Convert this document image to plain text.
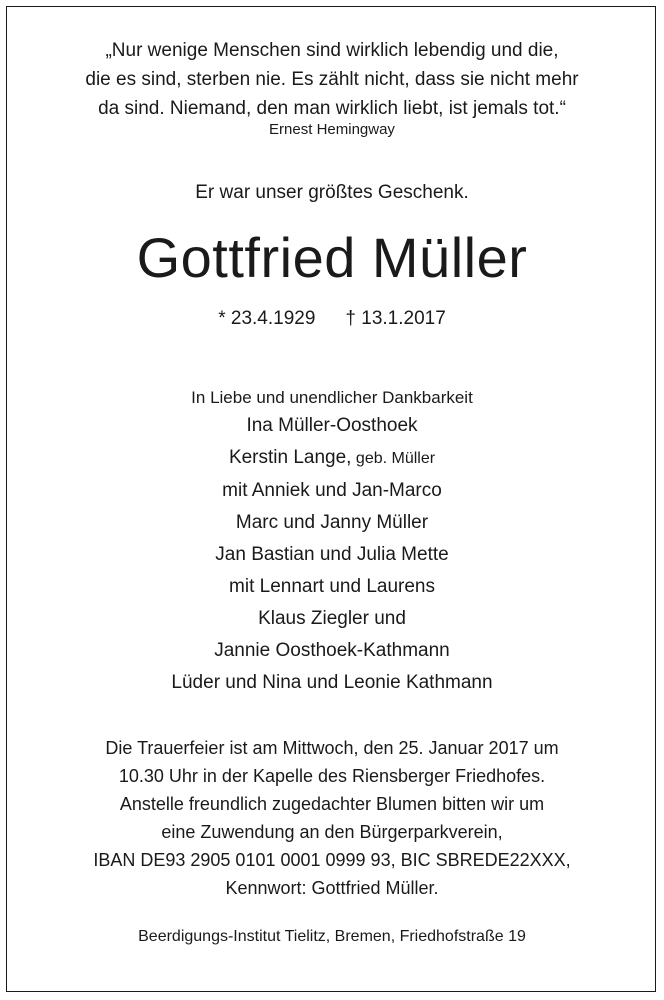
„Nur wenige Menschen sind wirklich lebendig und die,
die es sind, sterben nie. Es zählt nicht, dass sie nicht mehr
da sind. Niemand, den man wirklich liebt, ist jemals tot.“
Ernest Hemingway
Er war unser größtes Geschenk.
Gottfried Müller
* 23.4.1929 † 13.1.2017
In Liebe und unendlicher Dankbarkeit
Ina Müller-Oosthoek
Kerstin Lange, geb. Müller
mit Anniek und Jan-Marco
Marc und Janny Müller
Jan Bastian und Julia Mette
mit Lennart und Laurens
Klaus Ziegler und
Jannie Oosthoek-Kathmann
Lüder und Nina und Leonie Kathmann
Die Trauerfeier ist am Mittwoch, den 25. Januar 2017 um
10.30 Uhr in der Kapelle des Riensberger Friedhofes.
Anstelle freundlich zugedachter Blumen bitten wir um
eine Zuwendung an den Bürgerparkverein,
IBAN DE93 2905 0101 0001 0999 93, BIC SBREDE22XXX,
Kennwort: Gottfried Müller.
Beerdigungs-Institut Tielitz, Bremen, Friedhofstraße 19
